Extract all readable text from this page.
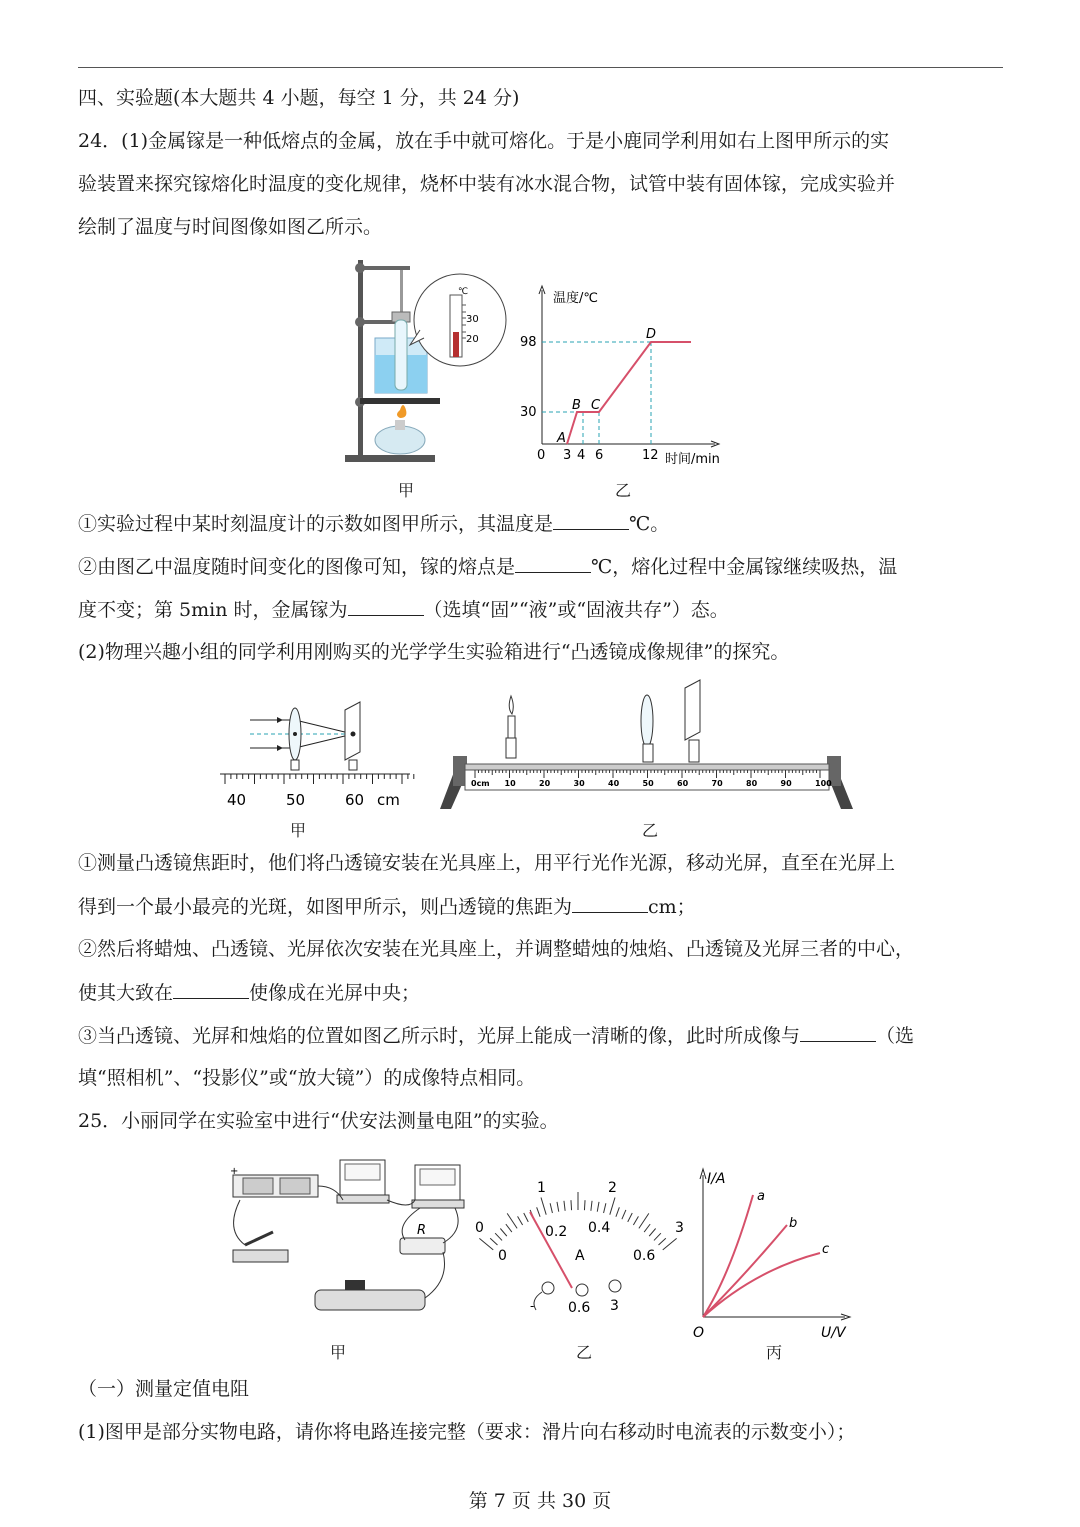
四、实验题(本大题共 4 小题，每空 1 分，共 24 分)
24．(1)金属镓是一种低熔点的金属，放在手中就可熔化。于是小鹿同学利用如右上图甲所示的实
验装置来探究镓熔化时温度的变化规律，烧杯中装有冰水混合物，试管中装有固体镓，完成实验并
绘制了温度与时间图像如图乙所示。
℃
30
20
甲
温度/℃
时间/min
98
30
0 3 4 6	12
A
B C
D
乙
①实验过程中某时刻温度计的示数如图甲所示，其温度是	℃。
②由图乙中温度随时间变化的图像可知，镓的熔点是	℃，熔化过程中金属镓继续吸热，温
度不变；第 5min 时，金属镓为	（选填“固”“液”或“固液共存”）态。
(2)物理兴趣小组的同学利用刚购买的光学学生实验箱进行“凸透镜成像规律”的探究。
40	50	60 cm
甲
0cm 10	20	30	40	50	60	70	80	90	100
乙
①测量凸透镜焦距时，他们将凸透镜安装在光具座上，用平行光作光源，移动光屏，直至在光屏上
得到一个最小最亮的光斑，如图甲所示，则凸透镜的焦距为	cm；
②然后将蜡烛、凸透镜、光屏依次安装在光具座上，并调整蜡烛的烛焰、凸透镜及光屏三者的中心，
使其大致在	使像成在光屏中央；
③当凸透镜、光屏和烛焰的位置如图乙所示时，光屏上能成一清晰的像，此时所成像与	（选
填“照相机”、“投影仪”或“放大镜”）的成像特点相同。
25．小丽同学在实验室中进行“伏安法测量电阻”的实验。
+
R
甲
0
1	2
3
0
0.2 0.4
0.6
A
- 0.6 3
乙
I/A
U/V
O
a
b
c
丙
（一）测量定值电阻
(1)图甲是部分实物电路，请你将电路连接完整（要求：滑片向右移动时电流表的示数变小）；
第 7 页 共 30 页
